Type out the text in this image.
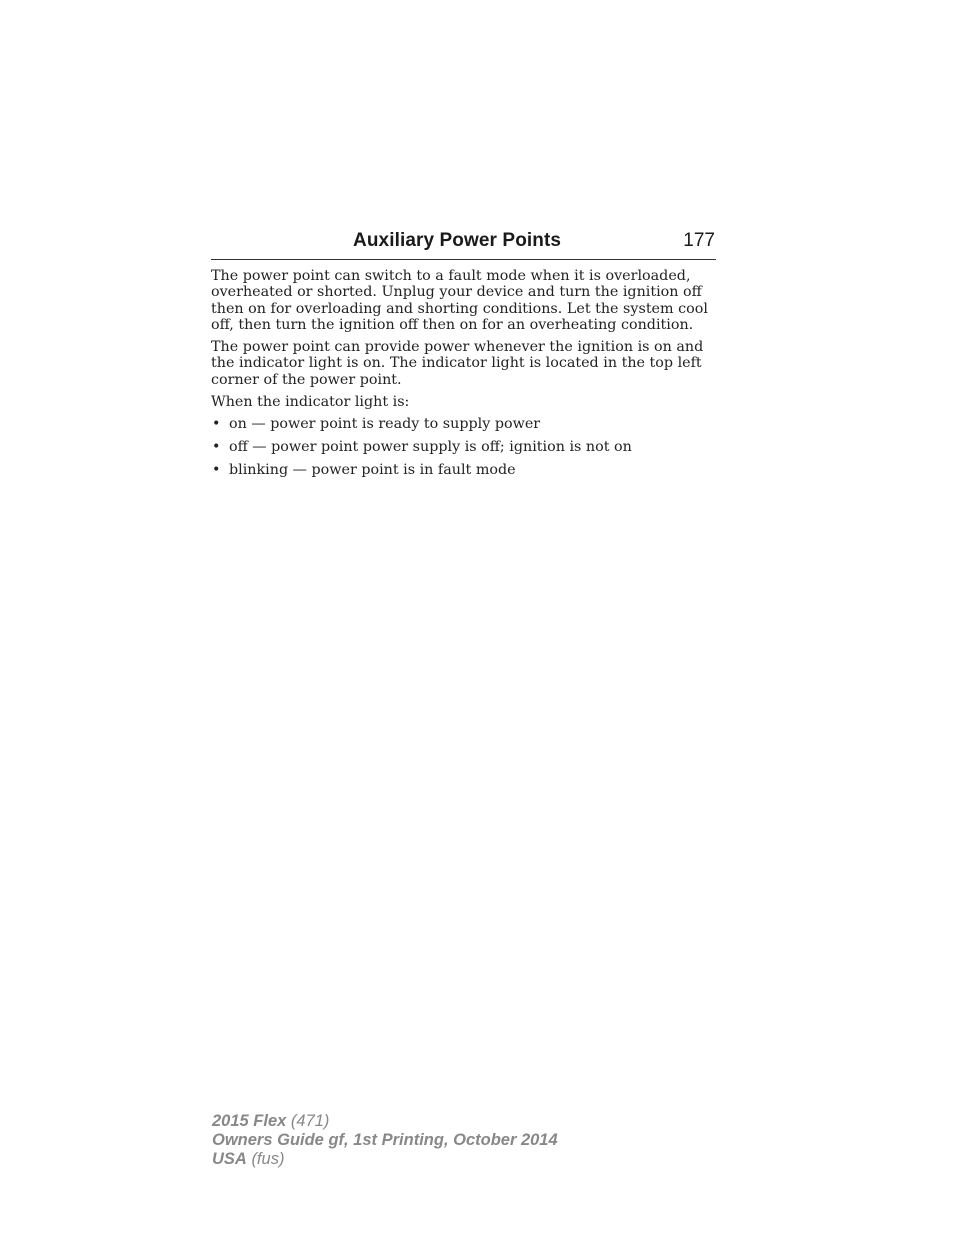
Auxiliary Power Points	177

The power point can switch to a fault mode when it is overloaded, overheated or shorted. Unplug your device and turn the ignition off then on for overloading and shorting conditions. Let the system cool off, then turn the ignition off then on for an overheating condition.

The power point can provide power whenever the ignition is on and the indicator light is on. The indicator light is located in the top left corner of the power point.

When the indicator light is:

• on — power point is ready to supply power
• off — power point power supply is off; ignition is not on
• blinking — power point is in fault mode
2015 Flex (471)
Owners Guide gf, 1st Printing, October 2014
USA (fus)
